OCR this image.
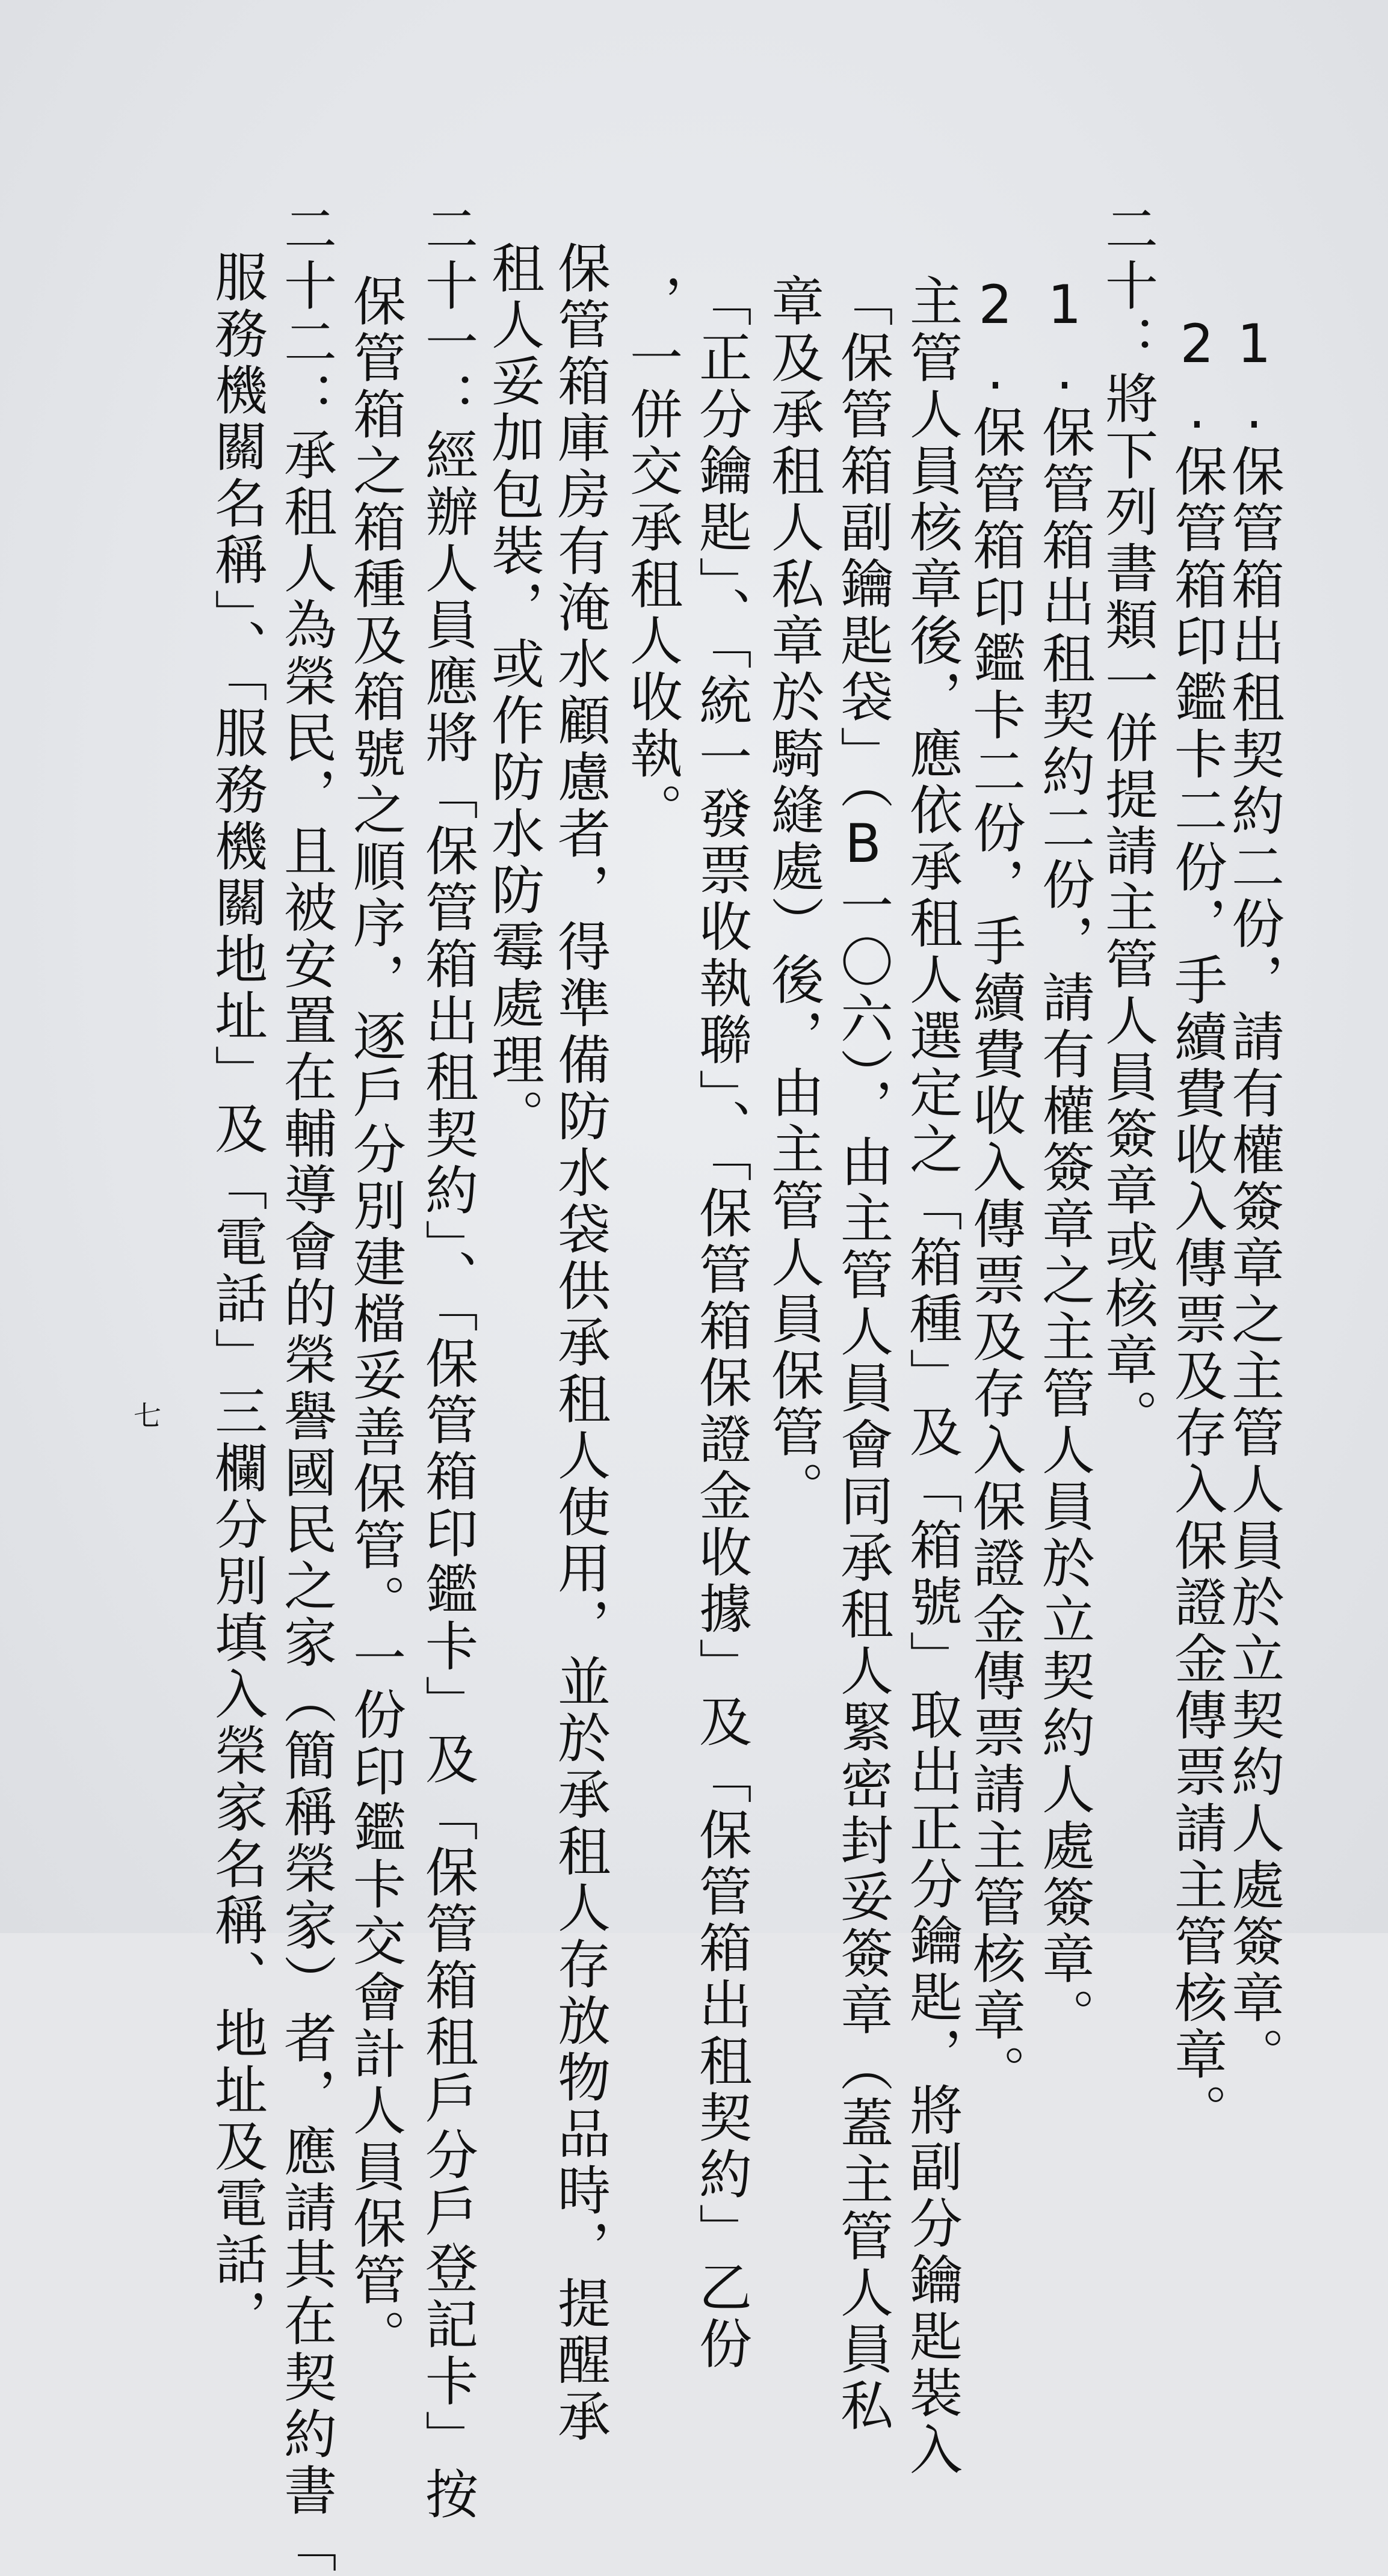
1.保管箱出租契約二份，請有權簽章之主管人員於立契約人處簽章。
2.保管箱印鑑卡二份，手續費收入傳票及存入保證金傳票請主管核章。
二十：將下列書類一併提請主管人員簽章或核章。
1.保管箱出租契約二份，請有權簽章之主管人員於立契約人處簽章。
2.保管箱印鑑卡二份，手續費收入傳票及存入保證金傳票請主管核章。
主管人員核章後，應依承租人選定之「箱種」及「箱號」取出正分鑰匙，將副分鑰匙裝入
「保管箱副鑰匙袋」（B一〇六），由主管人員會同承租人緊密封妥簽章（蓋主管人員私
章及承租人私章於騎縫處）後，由主管人員保管。
「正分鑰匙」、「統一發票收執聯」、「保管箱保證金收據」及「保管箱出租契約」乙份
，一併交承租人收執。
保管箱庫房有淹水顧慮者，得準備防水袋供承租人使用，並於承租人存放物品時，提醒承
租人妥加包裝，或作防水防霉處理。
二十一：經辦人員應將「保管箱出租契約」、「保管箱印鑑卡」及「保管箱租戶分戶登記卡」按
保管箱之箱種及箱號之順序，逐戶分別建檔妥善保管。一份印鑑卡交會計人員保管。
二十二：承租人為榮民，且被安置在輔導會的榮譽國民之家（簡稱榮家）者，應請其在契約書「
服務機關名稱」、「服務機關地址」及「電話」三欄分別填入榮家名稱、地址及電話，
七
